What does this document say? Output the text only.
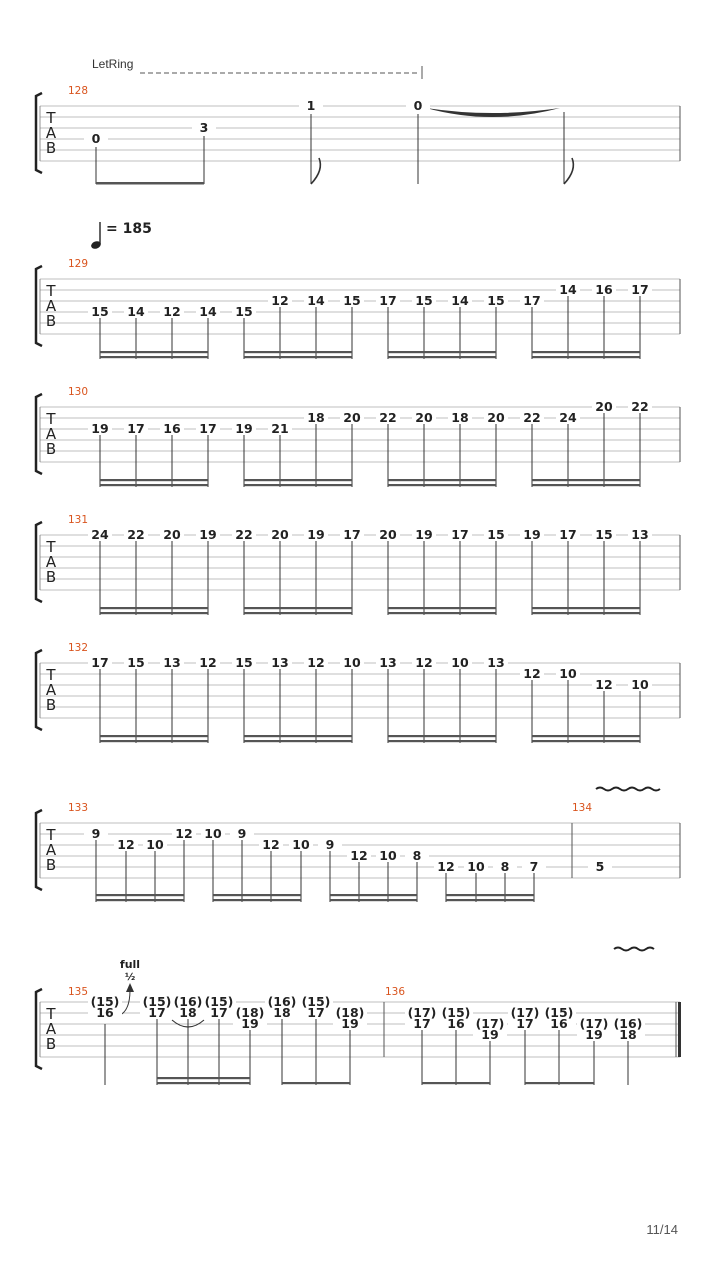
T
A
B
128
0
3
1	0
T
A
B
129
15 14 12 14 15
12 14 15 17 15 14 15 17
14 16 17
T
A
B
130
19 17 16 17 19 21
18 20 22 20 18 20 22 24
20 22
T
A
B
131
24 22 20 19 22 20 19 17 20 19 17 15 19 17 15 13
T
A
B
132
17 15 13 12 15 13 12 10 13 12 10 13
12 10
12 10
T
A
B
133	134
9
12 10
12 10 9
12 10 9
12 10 8
12 10 8 7	5
T
A
B
135	136
full
½
(15)
16
(15)
17
(16)
18
(15)
17 (18)
19
(16)
18
(15)
17 (18)
19
(17)
17
(15)
16 (17)
19
(17)
17
(15)
16 (17)
19
(16)
18
LetRing
= 185
11/14
